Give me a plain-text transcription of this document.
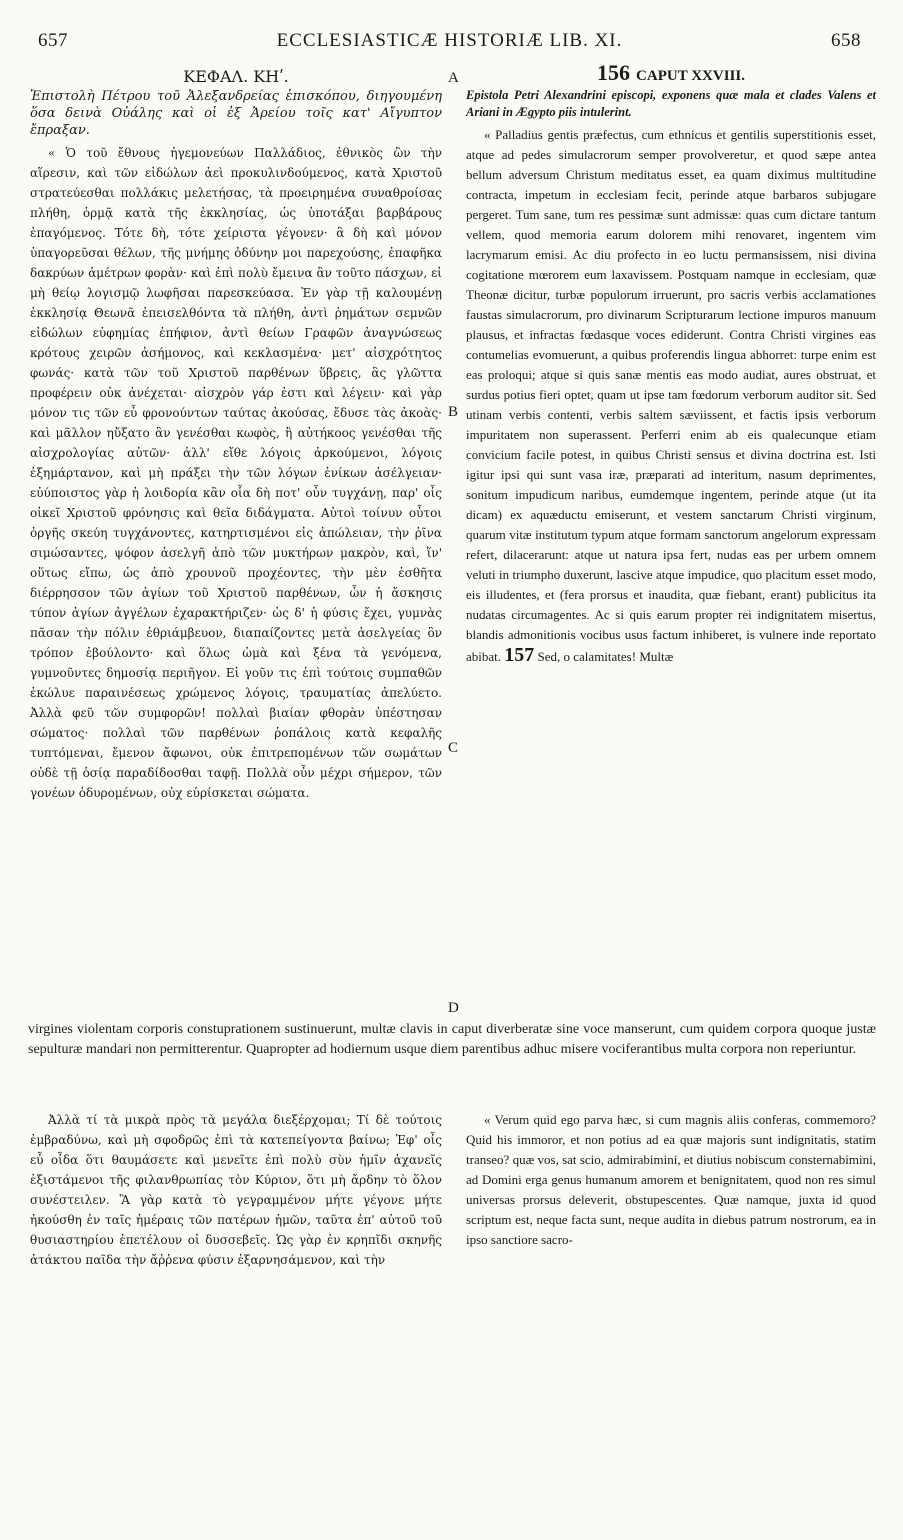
657	ECCLESIASTICÆ HISTORIÆ LIB. XI.	658

ΚΕΦΑΛ. ΚΗʹ.

Ἐπιστολὴ Πέτρου τοῦ Ἀλεξανδρείας ἐπισκόπου, διηγουμένη ὅσα δεινὰ Οὐάλης καὶ οἱ ἐξ Ἀρείου τοῖς κατ' Αἴγυπτον ἔπραξαν.

« Ὁ τοῦ ἔθνους ἡγεμονεύων Παλλάδιος, ἐθνικὸς ὢν τὴν αἵρεσιν, καὶ τῶν εἰδώλων ἀεὶ προκυλινδούμενος, κατὰ Χριστοῦ στρατεύεσθαι πολλάκις μελετήσας, τὰ προειρημένα συναθροίσας πλήθη, ὁρμᾷ κατὰ τῆς ἐκκλησίας, ὡς ὑποτάξαι βαρβάρους ἐπαγόμενος. Τότε δὴ, τότε χείριστα γέγονεν· ἃ δὴ καὶ μόνον ὑπαγορεῦσαι θέλων, τῆς μνήμης ὀδύνην μοι παρεχούσης, ἐπαφῆκα δακρύων ἀμέτρων φορὰν· καὶ ἐπὶ πολὺ ἔμεινα ἂν τοῦτο πάσχων, εἰ μὴ θείῳ λογισμῷ λωφῆσαι παρεσκεύασα. Ἐν γὰρ τῇ καλουμένῃ ἐκκλησίᾳ Θεωνᾶ ἐπεισελθόντα τὰ πλήθη, ἀντὶ ῥημάτων σεμνῶν εἰδώλων εὐφημίας ἐπήφιον, ἀντὶ θείων Γραφῶν ἀναγνώσεως κρότους χειρῶν ἀσήμονος, καὶ κεκλασμένα· μετ' αἰσχρότητος φωνάς· κατὰ τῶν τοῦ Χριστοῦ παρθένων ὕβρεις, ἃς γλῶττα προφέρειν οὐκ ἀνέχεται· αἰσχρὸν γάρ ἐστι καὶ λέγειν· καὶ γὰρ μόνον τις τῶν εὖ φρονούντων ταύτας ἀκούσας, ἔδυσε τὰς ἀκοὰς· καὶ μᾶλλον ηὔξατο ἂν γενέσθαι κωφὸς, ἢ αὐτήκοος γενέσθαι τῆς αἰσχρολογίας αὐτῶν· ἀλλ' εἴθε λόγοις ἀρκούμενοι, λόγοις ἐξημάρτανον, καὶ μὴ πράξει τὴν τῶν λόγων ἐνίκων ἀσέλγειαν· εὐύποιστος γὰρ ἡ λοιδορία κἂν οἷα δὴ ποτ' οὖν τυγχάνῃ, παρ' οἷς οἰκεῖ Χριστοῦ φρόνησις καὶ θεῖα διδάγματα. Αὐτοὶ τοίνυν οὗτοι ὀργῆς σκεύη τυγχάνοντες, κατηρτισμένοι εἰς ἀπώλειαν, τὴν ῥῖνα σιμώσαντες, ψόφον ἀσελγῆ ἀπὸ τῶν μυκτήρων μακρὸν, καὶ, ἵν' οὕτως εἴπω, ὡς ἀπὸ χρουνοῦ προχέοντες, τὴν μὲν ἐσθῆτα διέρρησσον τῶν ἁγίων τοῦ Χριστοῦ παρθένων, ὧν ἡ ἄσκησις τύπον ἁγίων ἀγγέλων ἐχαρακτήριζεν· ὡς δ' ἡ φύσις ἔχει, γυμνὰς πᾶσαν τὴν πόλιν ἐθριάμβευον, διαπαίζοντες μετὰ ἀσελγείας ὃν τρόπον ἐβούλοντο· καὶ ὅλως ὠμὰ καὶ ξένα τὰ γενόμενα, γυμνοῦντες δημοσίᾳ περιῆγον. Εἰ γοῦν τις ἐπὶ τούτοις συμπαθῶν ἐκώλυε παραινέσεως χρώμενος λόγοις, τραυματίας ἀπελύετο. Ἀλλὰ φεῦ τῶν συμφορῶν! πολλαὶ βιαίαν φθορὰν ὑπέστησαν σώματος· πολλαὶ τῶν παρθένων ῥοπάλοις κατὰ κεφαλῆς τυπτόμεναι, ἔμενον ἄφωνοι, οὐκ ἐπιτρεπομένων τῶν σωμάτων οὐδὲ τῇ ὁσίᾳ παραδίδοσθαι ταφῇ. Πολλὰ οὖν μέχρι σήμερον, τῶν γονέων ὀδυρομένων, οὐχ εὑρίσκεται σώματα.

A
B
C
D

156 CAPUT XXVIII.

Epistola Petri Alexandrini episcopi, exponens quæ mala et clades Valens et Ariani in Ægypto piis intulerint.

« Palladius gentis præfectus, cum ethnicus et gentilis superstitionis esset, atque ad pedes simulacrorum semper provolveretur, et quod sæpe antea bellum adversum Christum meditatus esset, ea quam diximus multitudine contracta, impetum in ecclesiam fecit, perinde atque barbaros subjugare pergeret. Tum sane, tum res pessimæ sunt admissæ: quas cum dictare tantum vellem, quod memoria earum dolorem mihi renovaret, ingentem vim lacrymarum emisi. Ac diu profecto in eo luctu permansissem, nisi divina cogitatione mœrorem eum laxavissem. Postquam namque in ecclesiam, quæ Theonæ dicitur, turbæ populorum irruerunt, pro sacris verbis acclamationes faustas simulacrorum, pro divinarum Scripturarum lectione impuros manuum plausus, et infractas fœdasque voces ediderunt. Contra Christi virgines eas contumelias evomuerunt, a quibus proferendis lingua abhorret: turpe enim est eas proloqui; atque si quis sanæ mentis eas modo audiat, aures obstruat, et surdus potius fieri optet, quam ut ipse tam fœdorum verborum auditor sit. Sed utinam verbis contenti, verbis saltem sæviissent, et factis ipsis verborum impuritatem non superassent. Perferri enim ab eis qualecunque etiam convicium facile potest, in quibus Christi sensus et divina doctrina est. Isti igitur ipsi qui sunt vasa iræ, præparati ad interitum, nasum deprimentes, sonitum impudicum naribus, eumdemque ingentem, perinde atque (ut ita dicam) ex aquæductu emiserunt, et vestem sanctarum Christi virginum, quarum vitæ institutum typum atque formam sanctorum angelorum expressam refert, dilacerarunt: atque ut natura ipsa fert, nudas eas per urbem omnem veluti in triumpho duxerunt, lascive atque impudice, quo placitum esset modo, eis illudentes, et (fera prorsus et inaudita, quæ fiebant, erant) publicitus ita nudatas circumagentes. Ac si quis earum propter rei indignitatem misertus, blandis admonitionis vocibus usus factum inhiberet, is vulnere inde reportato abibat. 157 Sed, o calamitates! Multæ

virgines violentam corporis constuprationem sustinuerunt, multæ clavis in caput diverberatæ sine voce manserunt, cum quidem corpora quoque justæ sepulturæ mandari non permitterentur. Quapropter ad hodiernum usque diem parentibus adhuc misere vociferantibus multa corpora non reperiuntur.

Ἀλλὰ τί τὰ μικρὰ πρὸς τὰ μεγάλα διεξέρχομαι; Τί δὲ τούτοις ἐμβραδύνω, καὶ μὴ σφοδρῶς ἐπὶ τὰ κατεπείγοντα βαίνω; Ἐφ' οἷς εὖ οἶδα ὅτι θαυμάσετε καὶ μενεῖτε ἐπὶ πολὺ σὺν ἡμῖν ἀχανεῖς ἐξιστάμενοι τῆς φιλανθρωπίας τὸν Κύριον, ὅτι μὴ ἄρδην τὸ ὅλον συνέστειλεν. Ἃ γὰρ κατὰ τὸ γεγραμμένον μήτε γέγονε μήτε ἠκούσθη ἐν ταῖς ἡμέραις τῶν πατέρων ἡμῶν, ταῦτα ἐπ' αὐτοῦ τοῦ θυσιαστηρίου ἐπετέλουν οἱ δυσσεβεῖς. Ὡς γὰρ ἐν κρηπῖδι σκηνῆς ἀτάκτου παῖδα τὴν ἄῤῥενα φύσιν ἐξαρνησάμενον, καὶ τὴν

« Verum quid ego parva hæc, si cum magnis aliis conferas, commemoro? Quid his immoror, et non potius ad ea quæ majoris sunt indignitatis, statim transeo? quæ vos, sat scio, admirabimini, et diutius nobiscum consternabimini, ad Domini erga genus humanum amorem et benignitatem, quod non res simul universas prorsus deleverit, obstupescentes. Quæ namque, juxta id quod scriptum est, neque facta sunt, neque audita in diebus patrum nostrorum, ea in ipso sanctiore sacro-
